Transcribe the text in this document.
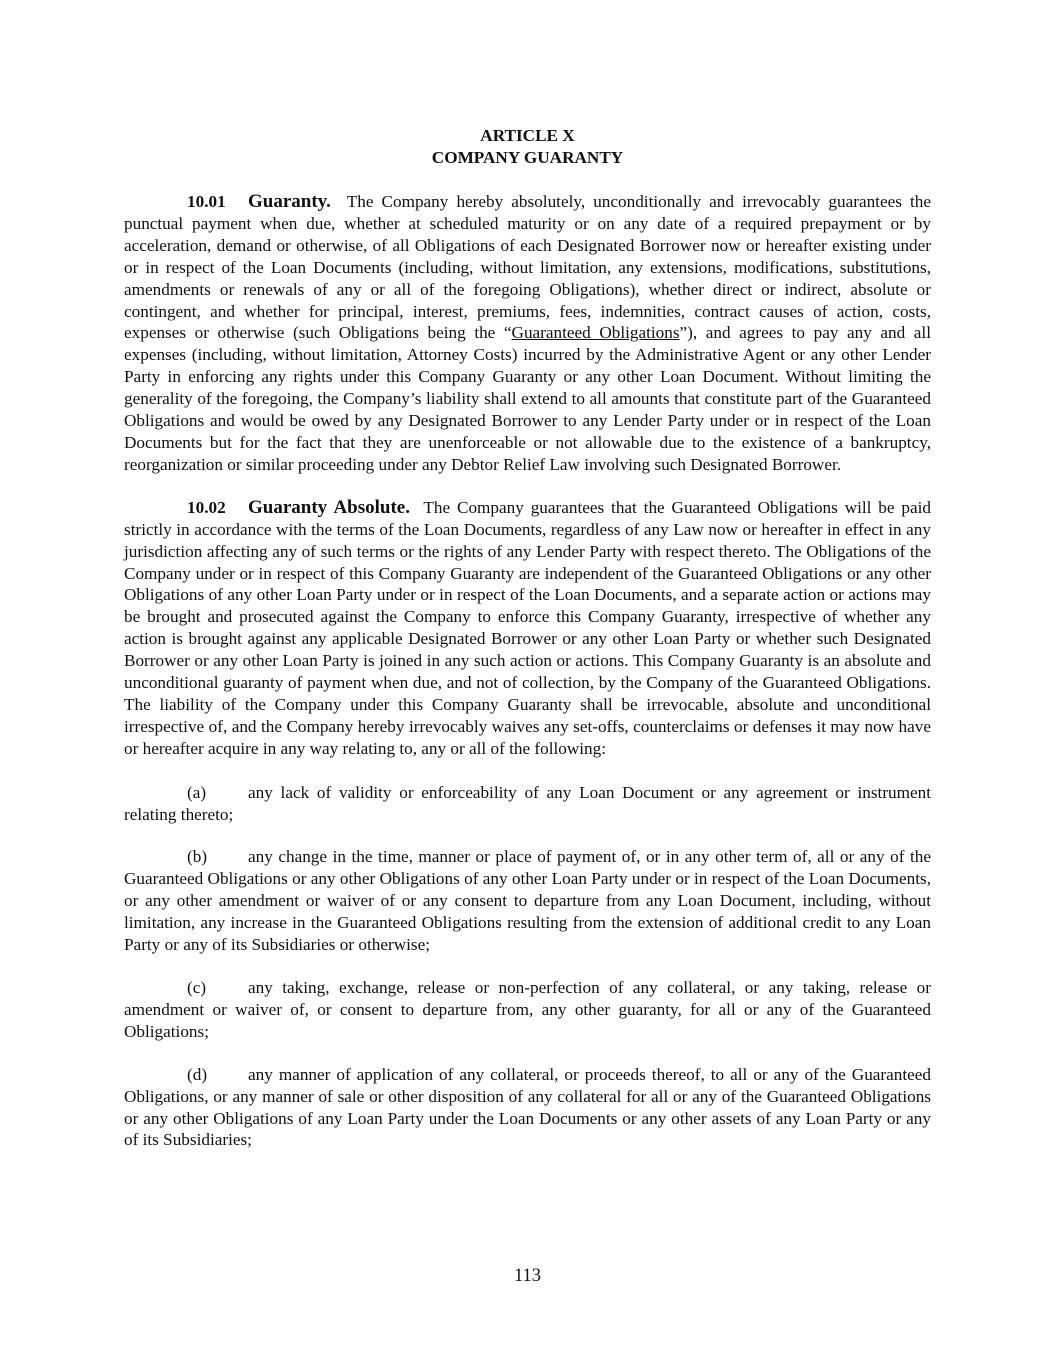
ARTICLE X
COMPANY GUARANTY

10.01 Guaranty. The Company hereby absolutely, unconditionally and irrevocably guarantees the punctual payment when due, whether at scheduled maturity or on any date of a required prepayment or by acceleration, demand or otherwise, of all Obligations of each Designated Borrower now or hereafter existing under or in respect of the Loan Documents (including, without limitation, any extensions, modifications, substitutions, amendments or renewals of any or all of the foregoing Obligations), whether direct or indirect, absolute or contingent, and whether for principal, interest, premiums, fees, indemnities, contract causes of action, costs, expenses or otherwise (such Obligations being the “Guaranteed Obligations”), and agrees to pay any and all expenses (including, without limitation, Attorney Costs) incurred by the Administrative Agent or any other Lender Party in enforcing any rights under this Company Guaranty or any other Loan Document. Without limiting the generality of the foregoing, the Company’s liability shall extend to all amounts that constitute part of the Guaranteed Obligations and would be owed by any Designated Borrower to any Lender Party under or in respect of the Loan Documents but for the fact that they are unenforceable or not allowable due to the existence of a bankruptcy, reorganization or similar proceeding under any Debtor Relief Law involving such Designated Borrower.

10.02 Guaranty Absolute. The Company guarantees that the Guaranteed Obligations will be paid strictly in accordance with the terms of the Loan Documents, regardless of any Law now or hereafter in effect in any jurisdiction affecting any of such terms or the rights of any Lender Party with respect thereto. The Obligations of the Company under or in respect of this Company Guaranty are independent of the Guaranteed Obligations or any other Obligations of any other Loan Party under or in respect of the Loan Documents, and a separate action or actions may be brought and prosecuted against the Company to enforce this Company Guaranty, irrespective of whether any action is brought against any applicable Designated Borrower or any other Loan Party or whether such Designated Borrower or any other Loan Party is joined in any such action or actions. This Company Guaranty is an absolute and unconditional guaranty of payment when due, and not of collection, by the Company of the Guaranteed Obligations. The liability of the Company under this Company Guaranty shall be irrevocable, absolute and unconditional irrespective of, and the Company hereby irrevocably waives any set-offs, counterclaims or defenses it may now have or hereafter acquire in any way relating to, any or all of the following:

(a) any lack of validity or enforceability of any Loan Document or any agreement or instrument relating thereto;

(b) any change in the time, manner or place of payment of, or in any other term of, all or any of the Guaranteed Obligations or any other Obligations of any other Loan Party under or in respect of the Loan Documents, or any other amendment or waiver of or any consent to departure from any Loan Document, including, without limitation, any increase in the Guaranteed Obligations resulting from the extension of additional credit to any Loan Party or any of its Subsidiaries or otherwise;

(c) any taking, exchange, release or non-perfection of any collateral, or any taking, release or amendment or waiver of, or consent to departure from, any other guaranty, for all or any of the Guaranteed Obligations;

(d) any manner of application of any collateral, or proceeds thereof, to all or any of the Guaranteed Obligations, or any manner of sale or other disposition of any collateral for all or any of the Guaranteed Obligations or any other Obligations of any Loan Party under the Loan Documents or any other assets of any Loan Party or any of its Subsidiaries;

113
